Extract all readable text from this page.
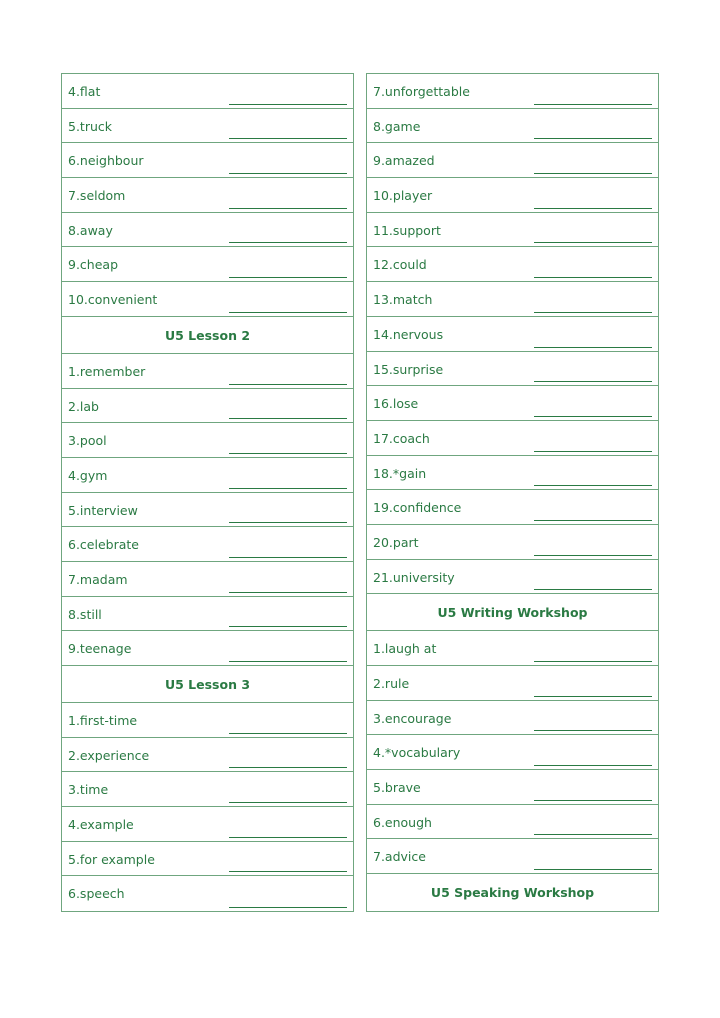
4.flat
5.truck
6.neighbour
7.seldom
8.away
9.cheap
10.convenient
U5 Lesson 2
1.remember
2.lab
3.pool
4.gym
5.interview
6.celebrate
7.madam
8.still
9.teenage
U5 Lesson 3
1.first-time
2.experience
3.time
4.example
5.for example
6.speech
7.unforgettable
8.game
9.amazed
10.player
11.support
12.could
13.match
14.nervous
15.surprise
16.lose
17.coach
18.*gain
19.confidence
20.part
21.university
U5 Writing Workshop
1.laugh at
2.rule
3.encourage
4.*vocabulary
5.brave
6.enough
7.advice
U5 Speaking Workshop
